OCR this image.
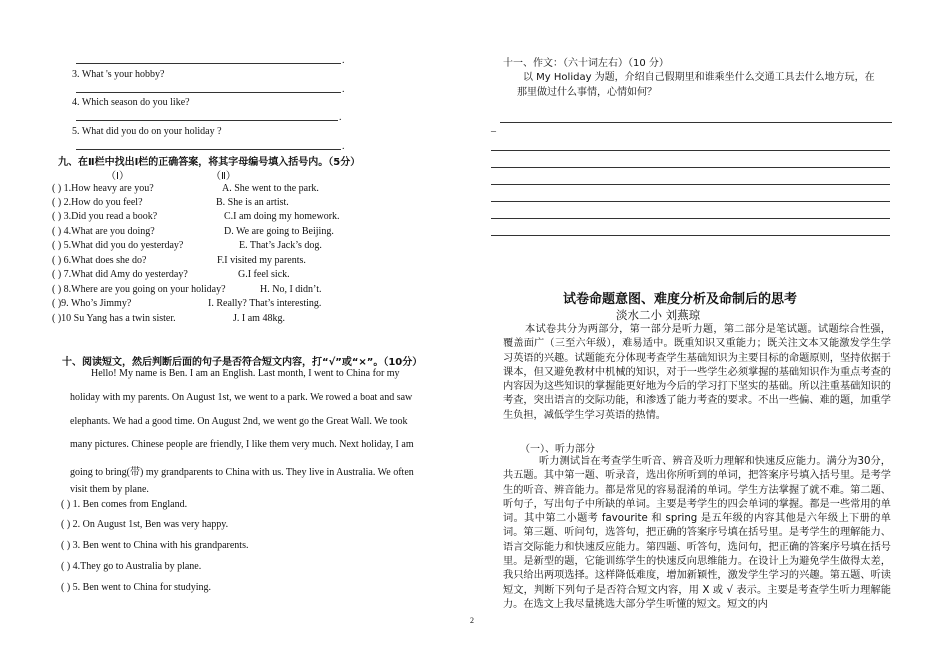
.
3. What 's your hobby?
.
4. Which season do you like?
.
5. What did you do on your holiday ?
.
九、在Ⅱ栏中找出Ⅰ栏的正确答案，将其字母编号填入括号内。（5分）
（Ⅰ）	（Ⅱ）
( ) 1.How heavy are you?	A. She went to the park.
( ) 2.How do you feel?	B. She is an artist.
( ) 3.Did you read a book?	C.I am doing my homework.
( ) 4.What are you doing?	D. We are going to Beijing.
( ) 5.What did you do yesterday?	E. That’s Jack’s dog.
( ) 6.What does she do?	F.I visited my parents.
( ) 7.What did Amy do yesterday?	G.I feel sick.
( ) 8.Where are you going on your holiday?	H. No, I didn’t.
( )9. Who’s Jimmy?	I. Really? That’s interesting.
( )10 Su Yang has a twin sister.	J. I am 48kg.
十、阅读短文，然后判断后面的句子是否符合短文内容，打“√”或“×”。（10分）
Hello! My name is Ben. I am an English. Last month, I went to China for my
holiday with my parents. On August 1st, we went to a park. We rowed a boat and saw
elephants. We had a good time. On August 2nd, we went go the Great Wall. We took
many pictures. Chinese people are friendly, I like them very much. Next holiday, I am
going to bring(带) my grandparents to China with us. They live in Australia. We often
visit them by plane.
( ) 1. Ben comes from England.
( ) 2. On August 1st, Ben was very happy.
( ) 3. Ben went to China with his grandparents.
( ) 4.They go to Australia by plane.
( ) 5. Ben went to China for studying.
十一、作文：（六十词左右）（10 分）
以 My Holiday 为题，介绍自己假期里和谁乘坐什么交通工具去什么地方玩，在
那里做过什么事情，心情如何？
_
试卷命题意图、难度分析及命制后的思考
淡水二小 刘燕琼
本试卷共分为两部分，第一部分是听力题，第二部分是笔试题。试题综合性强，覆盖面广（三至六年级），难易适中。既重知识又重能力；既关注文本又能激发学生学习英语的兴趣。试题能充分体现考查学生基础知识为主要目标的命题原则，坚持依据于课本，但又避免教材中机械的知识，对于一些学生必须掌握的基础知识作为重点考查的内容因为这些知识的掌握能更好地为今后的学习打下坚实的基础。所以注重基础知识的考查，突出语言的交际功能，和渗透了能力考查的要求。不出一些偏、难的题，加重学生负担，减低学生学习英语的热情。
（一）、听力部分
听力测试旨在考查学生听音、辨音及听力理解和快速反应能力。满分为30分，共五题。其中第一题、听录音，选出你所听到的单词，把答案序号填入括号里。是考学生的听音、辨音能力。都是常见的容易混淆的单词。学生方法掌握了就不难。第二题、听句子，写出句子中所缺的单词。主要是考学生的四会单词的掌握。都是一些常用的单词。其中第二小题考 favourite 和 spring 是五年级的内容其他是六年级上下册的单词。第三题、听问句，选答句，把正确的答案序号填在括号里。是考学生的理解能力、语言交际能力和快速反应能力。第四题、听答句，选问句，把正确的答案序号填在括号里。是新型的题，它能训练学生的快速反向思维能力。在设计上为避免学生做得太差，我只给出两项选择。这样降低难度，增加新颖性，激发学生学习的兴趣。第五题、听读短文，判断下列句子是否符合短文内容，用 X 或 √ 表示。主要是考查学生听力理解能力。在选文上我尽量挑选大部分学生听懂的短文。短文的内
2
